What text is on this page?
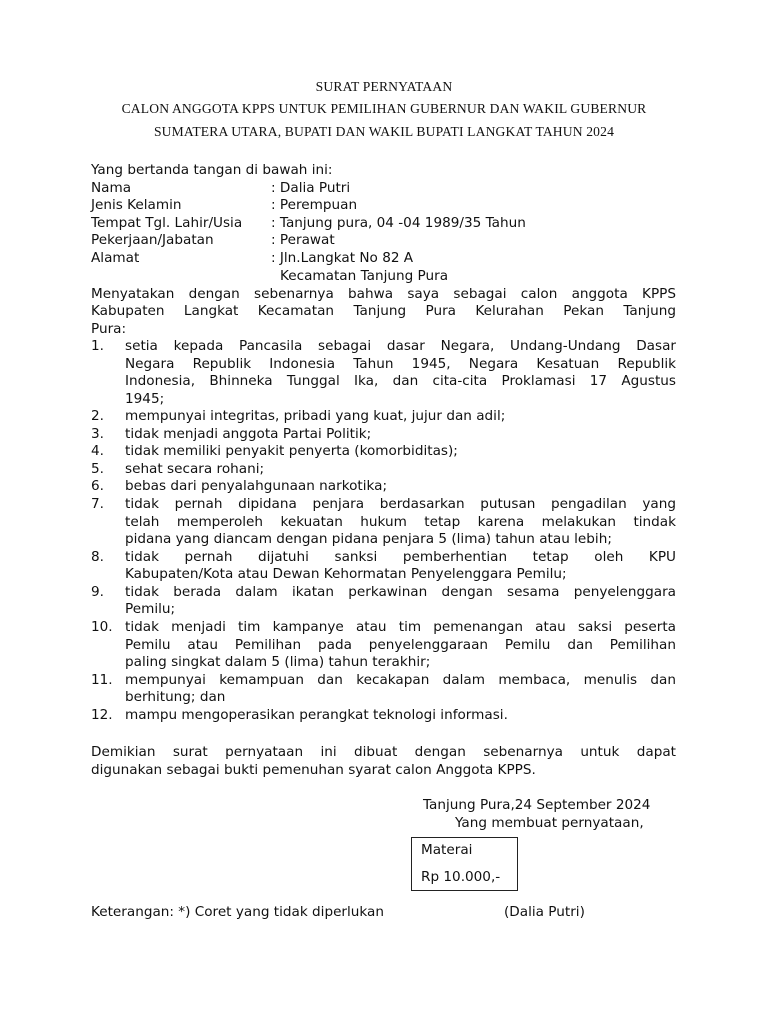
SURAT PERNYATAAN
CALON ANGGOTA KPPS UNTUK PEMILIHAN GUBERNUR DAN WAKIL GUBERNUR
SUMATERA UTARA, BUPATI DAN WAKIL BUPATI LANGKAT TAHUN 2024
Yang bertanda tangan di bawah ini:
Nama	: Dalia Putri
Jenis Kelamin	: Perempuan
Tempat Tgl. Lahir/Usia : Tanjung pura, 04 -04 1989/35 Tahun
Pekerjaan/Jabatan	: Perawat
Alamat	: Jln.Langkat No 82 A
Kecamatan Tanjung Pura
Menyatakan dengan sebenarnya bahwa saya sebagai calon anggota KPPS
Kabupaten Langkat Kecamatan Tanjung Pura Kelurahan Pekan Tanjung
Pura:
1. setia kepada Pancasila sebagai dasar Negara, Undang-Undang Dasar
Negara Republik Indonesia Tahun 1945, Negara Kesatuan Republik
Indonesia, Bhinneka Tunggal Ika, dan cita-cita Proklamasi 17 Agustus
1945;
2. mempunyai integritas, pribadi yang kuat, jujur dan adil;
3. tidak menjadi anggota Partai Politik;
4. tidak memiliki penyakit penyerta (komorbiditas);
5. sehat secara rohani;
6. bebas dari penyalahgunaan narkotika;
7. tidak pernah dipidana penjara berdasarkan putusan pengadilan yang
telah memperoleh kekuatan hukum tetap karena melakukan tindak
pidana yang diancam dengan pidana penjara 5 (lima) tahun atau lebih;
8. tidak pernah dijatuhi sanksi pemberhentian tetap oleh KPU
Kabupaten/Kota atau Dewan Kehormatan Penyelenggara Pemilu;
9. tidak berada dalam ikatan perkawinan dengan sesama penyelenggara
Pemilu;
10. tidak menjadi tim kampanye atau tim pemenangan atau saksi peserta
Pemilu atau Pemilihan pada penyelenggaraan Pemilu dan Pemilihan
paling singkat dalam 5 (lima) tahun terakhir;
11. mempunyai kemampuan dan kecakapan dalam membaca, menulis dan
berhitung; dan
12. mampu mengoperasikan perangkat teknologi informasi.
Demikian surat pernyataan ini dibuat dengan sebenarnya untuk dapat
digunakan sebagai bukti pemenuhan syarat calon Anggota KPPS.
Tanjung Pura,24 September 2024
Yang membuat pernyataan,
Materai
Rp 10.000,-
Keterangan: *) Coret yang tidak diperlukan	(Dalia Putri)
